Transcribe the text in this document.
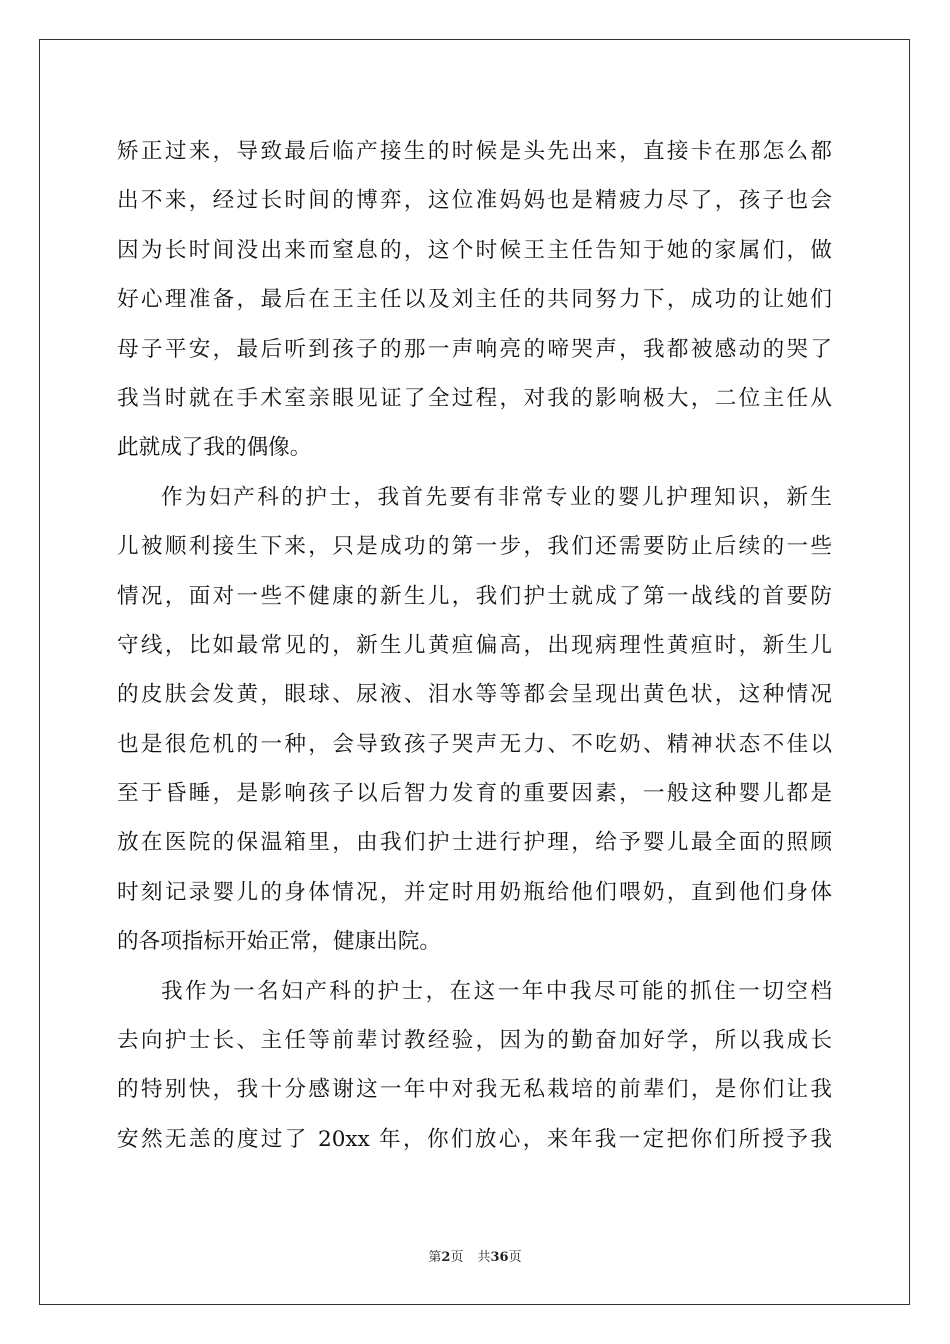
矫正过来，导致最后临产接生的时候是头先出来，直接卡在那怎么都
出不来，经过长时间的博弈，这位准妈妈也是精疲力尽了，孩子也会
因为长时间没出来而窒息的，这个时候王主任告知于她的家属们，做
好心理准备，最后在王主任以及刘主任的共同努力下，成功的让她们
母子平安，最后听到孩子的那一声响亮的啼哭声，我都被感动的哭了
我当时就在手术室亲眼见证了全过程，对我的影响极大，二位主任从
此就成了我的偶像。
作为妇产科的护士，我首先要有非常专业的婴儿护理知识，新生
儿被顺利接生下来，只是成功的第一步，我们还需要防止后续的一些
情况，面对一些不健康的新生儿，我们护士就成了第一战线的首要防
守线，比如最常见的，新生儿黄疸偏高，出现病理性黄疸时，新生儿
的皮肤会发黄，眼球、尿液、泪水等等都会呈现出黄色状，这种情况
也是很危机的一种，会导致孩子哭声无力、不吃奶、精神状态不佳以
至于昏睡，是影响孩子以后智力发育的重要因素，一般这种婴儿都是
放在医院的保温箱里，由我们护士进行护理，给予婴儿最全面的照顾
时刻记录婴儿的身体情况，并定时用奶瓶给他们喂奶，直到他们身体
的各项指标开始正常，健康出院。
我作为一名妇产科的护士，在这一年中我尽可能的抓住一切空档
去向护士长、主任等前辈讨教经验，因为的勤奋加好学，所以我成长
的特别快，我十分感谢这一年中对我无私栽培的前辈们，是你们让我
安然无恙的度过了 20xx 年，你们放心，来年我一定把你们所授予我
第2页 共36页
